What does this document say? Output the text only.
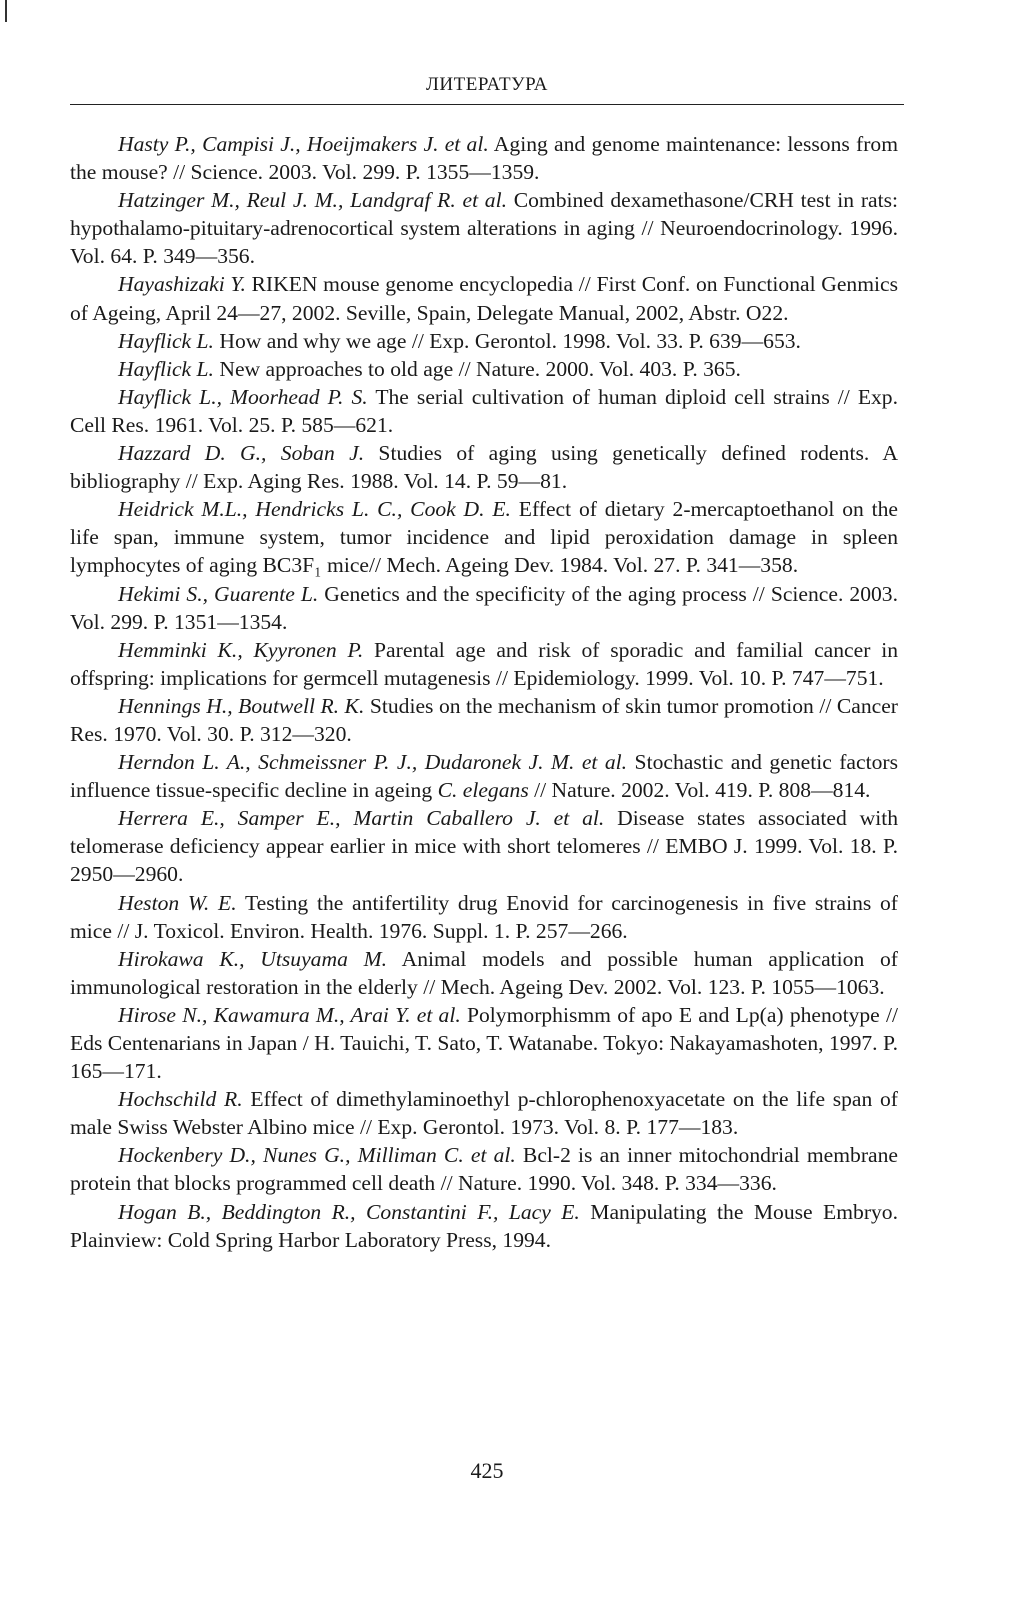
ЛИТЕРАТУРА

Hasty P., Campisi J., Hoeijmakers J. et al. Aging and genome maintenance: lessons from the mouse? // Science. 2003. Vol. 299. P. 1355—1359.

Hatzinger M., Reul J. M., Landgraf R. et al. Combined dexamethasone/CRH test in rats: hypothalamo-pituitary-adrenocortical system alterations in aging // Neuroendocrinology. 1996. Vol. 64. P. 349—356.

Hayashizaki Y. RIKEN mouse genome encyclopedia // First Conf. on Functional Genmics of Ageing, April 24—27, 2002. Seville, Spain, Delegate Manual, 2002, Abstr. O22.

Hayflick L. How and why we age // Exp. Gerontol. 1998. Vol. 33. P. 639—653.

Hayflick L. New approaches to old age // Nature. 2000. Vol. 403. P. 365.

Hayflick L., Moorhead P. S. The serial cultivation of human diploid cell strains // Exp. Cell Res. 1961. Vol. 25. P. 585—621.

Hazzard D. G., Soban J. Studies of aging using genetically defined rodents. A bibliography // Exp. Aging Res. 1988. Vol. 14. P. 59—81.

Heidrick M.L., Hendricks L. C., Cook D. E. Effect of dietary 2-mercaptoethanol on the life span, immune system, tumor incidence and lipid peroxidation damage in spleen lymphocytes of aging BC3F₁ mice// Mech. Ageing Dev. 1984. Vol. 27. P. 341—358.

Hekimi S., Guarente L. Genetics and the specificity of the aging process // Science. 2003. Vol. 299. P. 1351—1354.

Hemminki K., Kyyronen P. Parental age and risk of sporadic and familial cancer in offspring: implications for germcell mutagenesis // Epidemiology. 1999. Vol. 10. P. 747—751.

Hennings H., Boutwell R. K. Studies on the mechanism of skin tumor promotion // Cancer Res. 1970. Vol. 30. P. 312—320.

Herndon L. A., Schmeissner P. J., Dudaronek J. M. et al. Stochastic and genetic factors influence tissue-specific decline in ageing C. elegans // Nature. 2002. Vol. 419. P. 808—814.

Herrera E., Samper E., Martin Caballero J. et al. Disease states associated with telomerase deficiency appear earlier in mice with short telomeres // EMBO J. 1999. Vol. 18. P. 2950—2960.

Heston W. E. Testing the antifertility drug Enovid for carcinogenesis in five strains of mice // J. Toxicol. Environ. Health. 1976. Suppl. 1. P. 257—266.

Hirokawa K., Utsuyama M. Animal models and possible human application of immunological restoration in the elderly // Mech. Ageing Dev. 2002. Vol. 123. P. 1055—1063.

Hirose N., Kawamura M., Arai Y. et al. Polymorphismm of apo E and Lp(a) phenotype // Eds Centenarians in Japan / H. Tauichi, T. Sato, T. Watanabe. Tokyo: Nakayamashoten, 1997. P. 165—171.

Hochschild R. Effect of dimethylaminoethyl p-chlorophenoxyacetate on the life span of male Swiss Webster Albino mice // Exp. Gerontol. 1973. Vol. 8. P. 177—183.

Hockenbery D., Nunes G., Milliman C. et al. Bcl-2 is an inner mitochondrial membrane protein that blocks programmed cell death // Nature. 1990. Vol. 348. P. 334—336.

Hogan B., Beddington R., Constantini F., Lacy E. Manipulating the Mouse Embryo. Plainview: Cold Spring Harbor Laboratory Press, 1994.

425
